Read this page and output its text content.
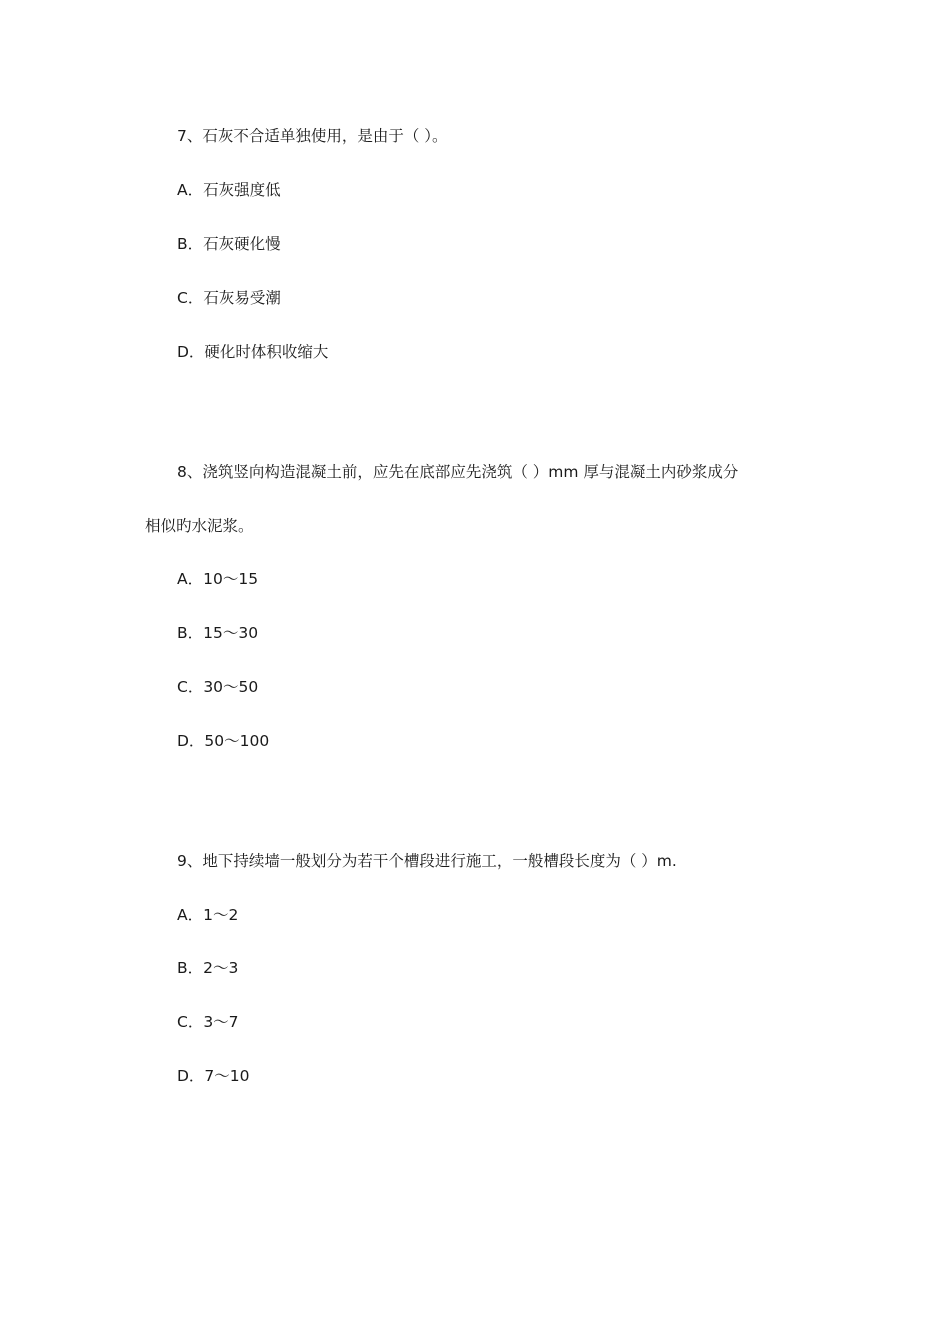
7、石灰不合适单独使用，是由于（ ）。
A．石灰强度低
B．石灰硬化慢
C．石灰易受潮
D．硬化时体积收缩大
8、浇筑竖向构造混凝土前，应先在底部应先浇筑（ ）mm 厚与混凝土内砂浆成分
相似旳水泥浆。
A．10～15
B．15～30
C．30～50
D．50～100
9、地下持续墙一般划分为若干个槽段进行施工，一般槽段长度为（ ）m.
A．1～2
B．2～3
C．3～7
D．7～10
